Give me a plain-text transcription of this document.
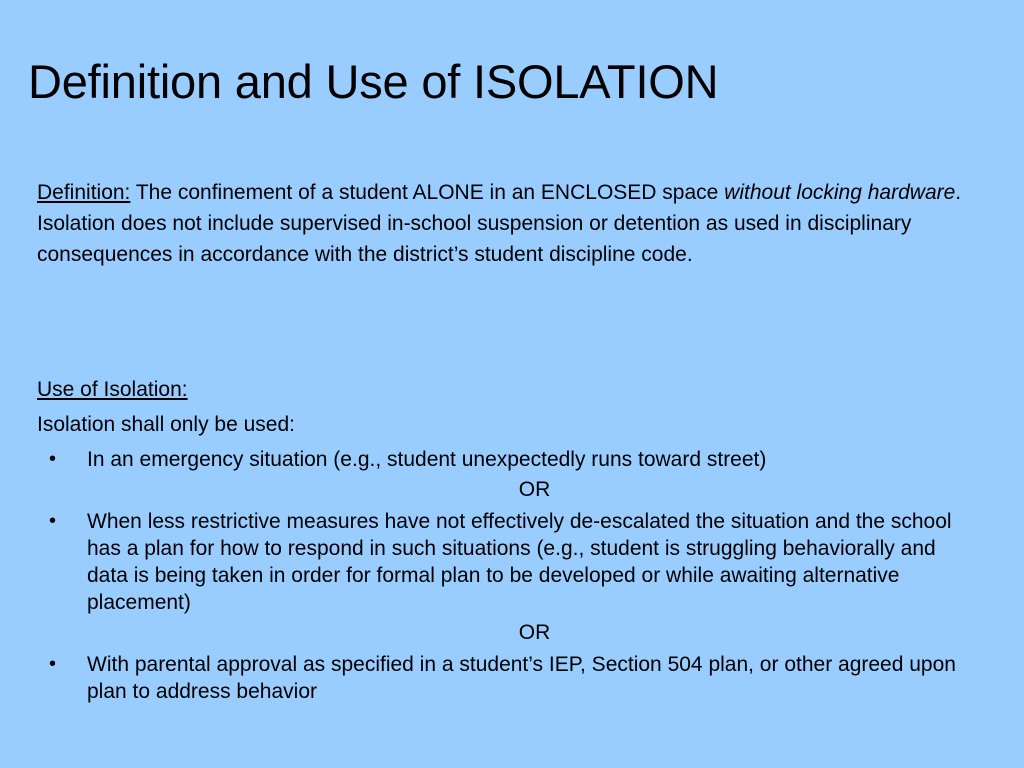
Definition and Use of ISOLATION

Definition: The confinement of a student ALONE in an ENCLOSED space without locking hardware. Isolation does not include supervised in-school suspension or detention as used in disciplinary consequences in accordance with the district’s student discipline code.

Use of Isolation:

Isolation shall only be used:

• In an emergency situation (e.g., student unexpectedly runs toward street)
OR
• When less restrictive measures have not effectively de-escalated the situation and the school has a plan for how to respond in such situations (e.g., student is struggling behaviorally and data is being taken in order for formal plan to be developed or while awaiting alternative placement)
OR
• With parental approval as specified in a student’s IEP, Section 504 plan, or other agreed upon plan to address behavior
